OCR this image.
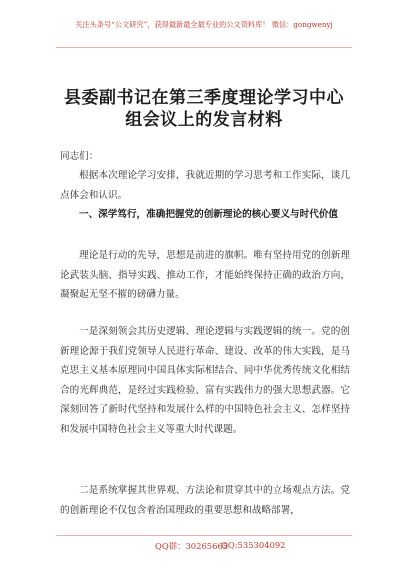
关注头条号“公文研究”，获得最新最全最专业的公文资料库！ 微信：gongwenyj
县委副书记在第三季度理论学习中心
组会议上的发言材料
同志们：
根据本次理论学习安排，我就近期的学习思考和工作实际，谈几点体会和认识。
一、深学笃行，准确把握党的创新理论的核心要义与时代价值
理论是行动的先导，思想是前进的旗帜。唯有坚持用党的创新理论武装头脑、指导实践、推动工作，才能始终保持正确的政治方向，凝聚起无坚不摧的磅礴力量。
一是深刻领会其历史逻辑、理论逻辑与实践逻辑的统一。党的创新理论源于我们党领导人民进行革命、建设、改革的伟大实践，是马克思主义基本原理同中国具体实际相结合、同中华优秀传统文化相结合的光辉典范，是经过实践检验、富有实践伟力的强大思想武器。它深刻回答了新时代坚持和发展什么样的中国特色社会主义、怎样坚持和发展中国特色社会主义等重大时代课题。
二是系统掌握其世界观、方法论和贯穿其中的立场观点方法。党的创新理论不仅包含着治国理政的重要思想和战略部署，
QQ群：30265665
QQ:535304092
